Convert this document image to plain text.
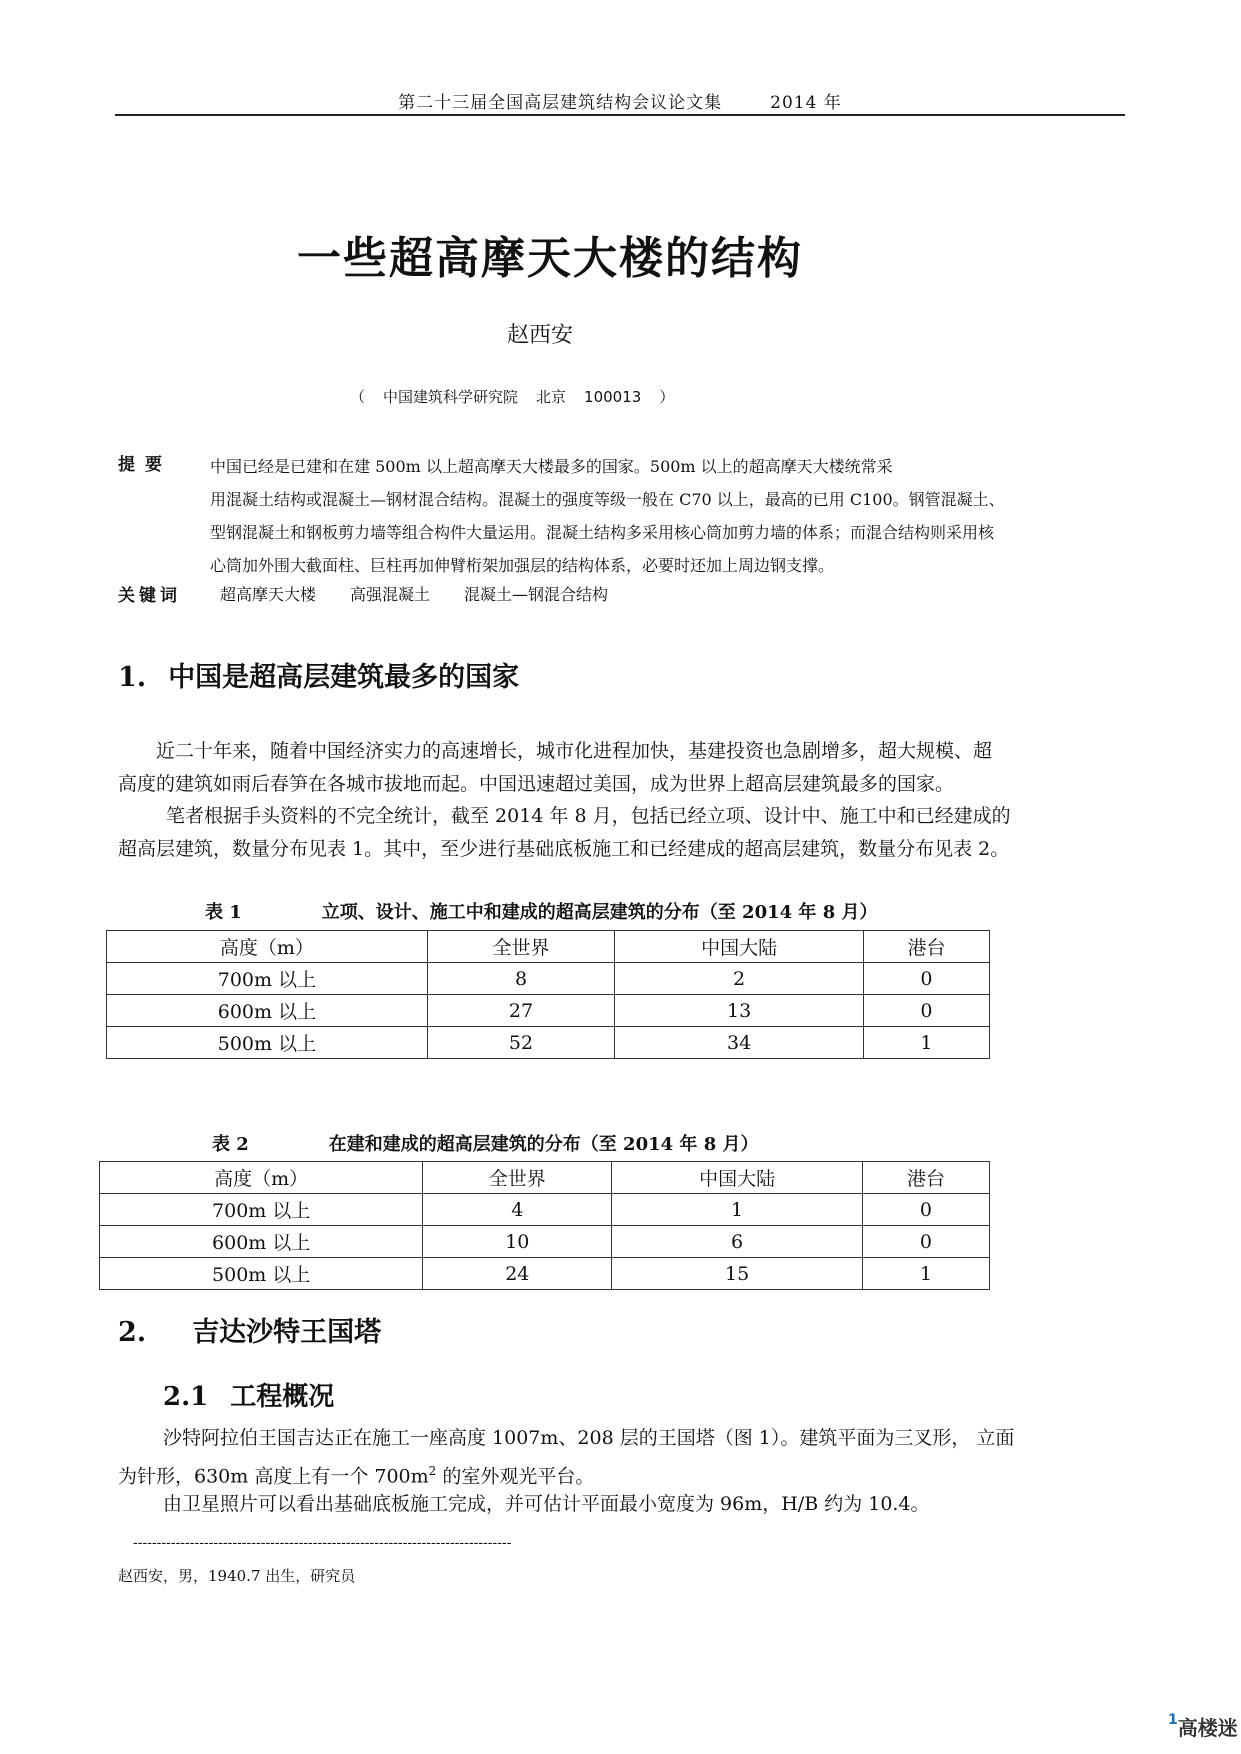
第二十三届全国高层建筑结构会议论文集	2014 年
一些超高摩天大楼的结构
赵西安
（ 中国建筑科学研究院 北京 100013 ）
提要 中国已经是已建和在建 500m 以上超高摩天大楼最多的国家。500m 以上的超高摩天大楼统常采
用混凝土结构或混凝土—钢材混合结构。混凝土的强度等级一般在 C70 以上，最高的已用 C100。钢管混凝土、
型钢混凝土和钢板剪力墙等组合构件大量运用。混凝土结构多采用核心筒加剪力墙的体系；而混合结构则采用核
心筒加外围大截面柱、巨柱再加伸臂桁架加强层的结构体系，必要时还加上周边钢支撑。
关键词 超高摩天大楼 高强混凝土 混凝土—钢混合结构
1. 中国是超高层建筑最多的国家
近二十年来，随着中国经济实力的高速增长，城市化进程加快，基建投资也急剧增多，超大规模、超
高度的建筑如雨后春笋在各城市拔地而起。中国迅速超过美国，成为世界上超高层建筑最多的国家。
笔者根据手头资料的不完全统计，截至 2014 年 8 月，包括已经立项、设计中、施工中和已经建成的
超高层建筑，数量分布见表 1。其中，至少进行基础底板施工和已经建成的超高层建筑，数量分布见表 2。
表 1	立项、设计、施工中和建成的超高层建筑的分布（至 2014 年 8 月）
高度（m）	全世界	中国大陆	港台
700m 以上	8	2	0
600m 以上	27	13	0
500m 以上	52	34	1
表 2	在建和建成的超高层建筑的分布（至 2014 年 8 月）
高度（m）	全世界	中国大陆	港台
700m 以上	4	1	0
600m 以上	10	6	0
500m 以上	24	15	1
2. 吉达沙特王国塔
2.1 工程概况
沙特阿拉伯王国吉达正在施工一座高度 1007m、208 层的王国塔（图 1）。建筑平面为三叉形， 立面
为针形，630m 高度上有一个 $700m^2$ 的室外观光平台。
由卫星照片可以看出基础底板施工完成，并可估计平面最小宽度为 96m，H/B 约为 10.4。
--------------------------------------------------------------------------------
赵西安，男，1940.7 出生，研究员
$^1$高楼迷
